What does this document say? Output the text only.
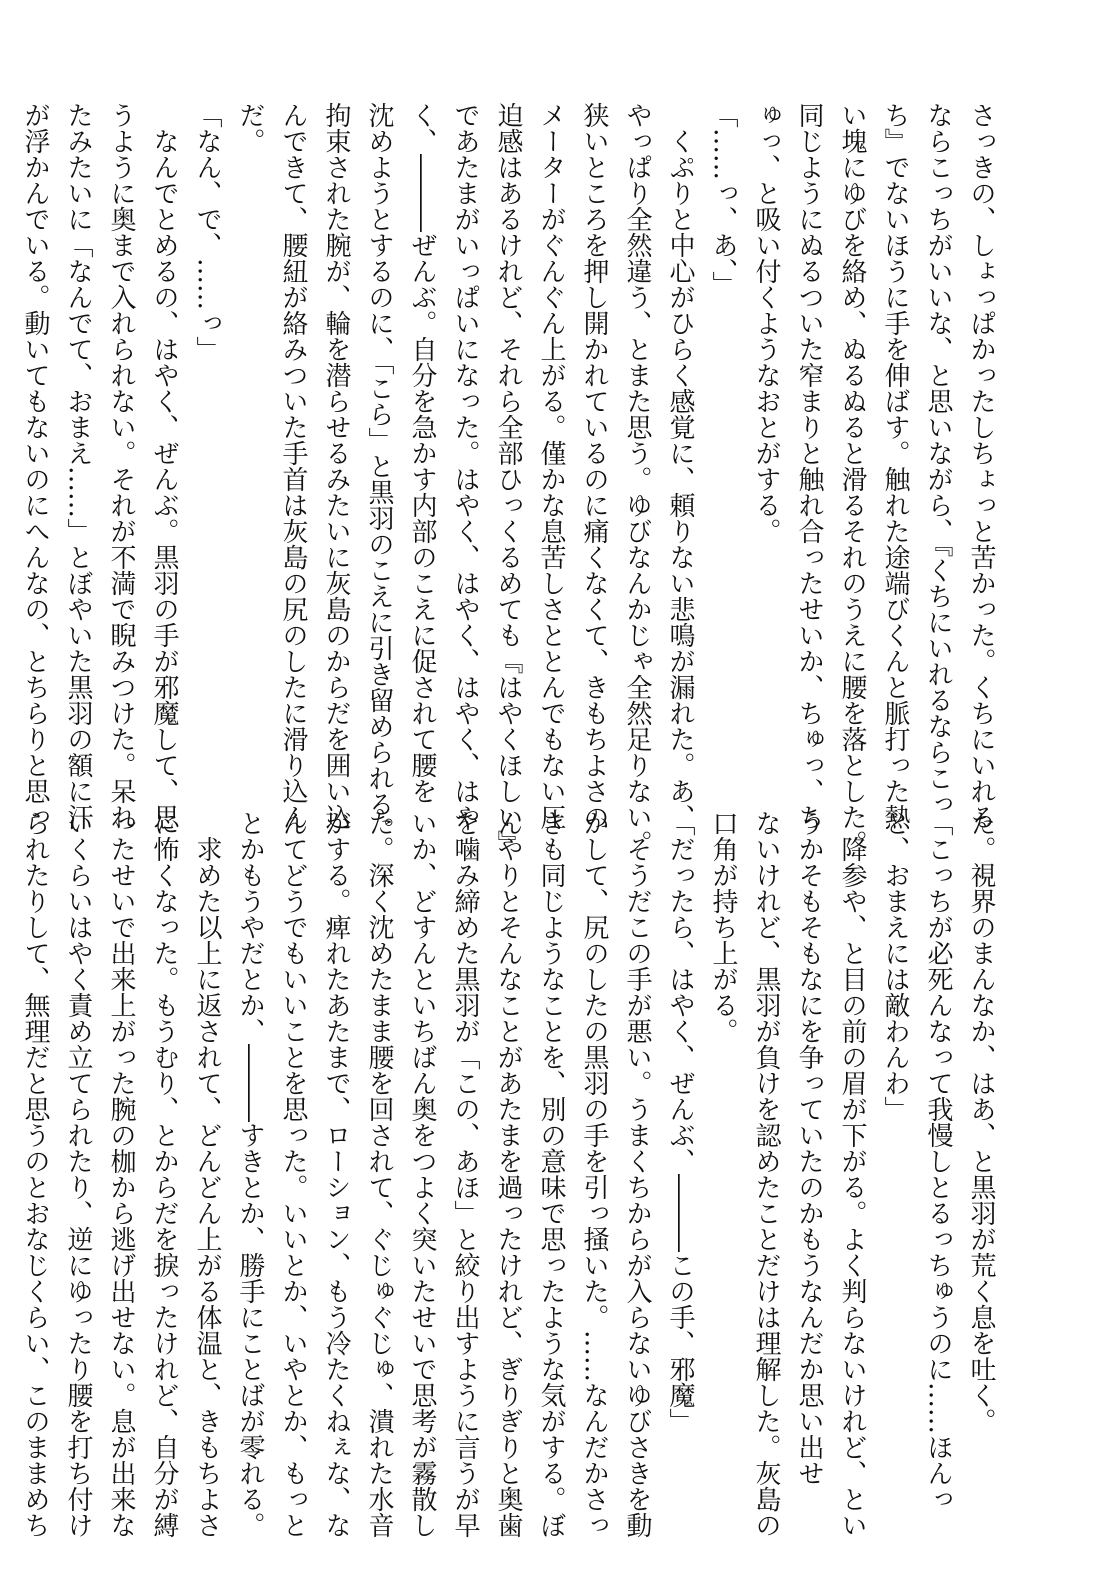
さっきの、しょっぱかったしちょっと苦かった。くちにいれる
ならこっちがいいな、と思いながら、『くちにいれるならこっ
ち』でないほうに手を伸ばす。触れた途端びくんと脈打った熱
い塊にゆびを絡め、ぬるぬると滑るそれのうえに腰を落とした。
同じようにぬるついた窄まりと触れ合ったせいか、ちゅっ、ち
ゅっ、と吸い付くようなおとがする。
「……っ、あ、」
　くぷりと中心がひらく感覚に、頼りない悲鳴が漏れた。あ、
やっぱり全然違う、とまた思う。ゆびなんかじゃ全然足りない。
狭いところを押し開かれているのに痛くなくて、きもちよさの
メーターがぐんぐん上がる。僅かな息苦しさととんでもない圧
迫感はあるけれど、それら全部ひっくるめても『はやくほしい』
であたまがいっぱいになった。はやく、はやく、はやく、はや
く、―――ぜんぶ。自分を急かす内部のこえに促されて腰を
沈めようとするのに、「こら」と黒羽のこえに引き留められる。
拘束された腕が、輪を潜らせるみたいに灰島のからだを囲い込
んできて、腰紐が絡みついた手首は灰島の尻のしたに滑り込ん
だ。
「なん、で、……っ」
　なんでとめるの、はやく、ぜんぶ。黒羽の手が邪魔して、思
うように奥まで入れられない。それが不満で睨みつけた。呆れ
たみたいに「なんでて、おまえ……」とぼやいた黒羽の額に汗
が浮かんでいる。動いてもないのにへんなの、とちらりと思っ
た。視界のまんなか、はあ、と黒羽が荒く息を吐く。
「こっちが必死んなって我慢しとるっちゅうのに……ほんっ
と、おまえには敵わんわ」
　降参や、と目の前の眉が下がる。よく判らないけれど、とい
うかそもそもなにを争っていたのかもうなんだか思い出せ
ないけれど、黒羽が負けを認めたことだけは理解した。灰島の
口角が持ち上がる。
「だったら、はやく、ぜんぶ、―――この手、邪魔」
　そうだこの手が悪い。うまくちからが入らないゆびさきを動
かして、尻のしたの黒羽の手を引っ掻いた。……なんだかさっ
きも同じようなことを、別の意味で思ったような気がする。ぼ
んやりとそんなことがあたまを過ったけれど、ぎりぎりと奥歯
を噛み締めた黒羽が「この、あほ」と絞り出すように言うが早
いか、どすんといちばん奥をつよく突いたせいで思考が霧散し
た。深く沈めたまま腰を回されて、ぐじゅぐじゅ、潰れた水音
がする。痺れたあたまで、ローション、もう冷たくねぇな、な
んてどうでもいいことを思った。いいとか、いやとか、もっと
とかもうやだとか、―――すきとか、勝手にことばが零れる。
　求めた以上に返されて、どんどん上がる体温と、きもちよさ
に怖くなった。もうむり、とからだを捩ったけれど、自分が縛
ったせいで出来上がった腕の枷から逃げ出せない。息が出来な
いくらいはやく責め立てられたり、逆にゆったり腰を打ち付け
られたりして、無理だと思うのとおなじくらい、このままめち
